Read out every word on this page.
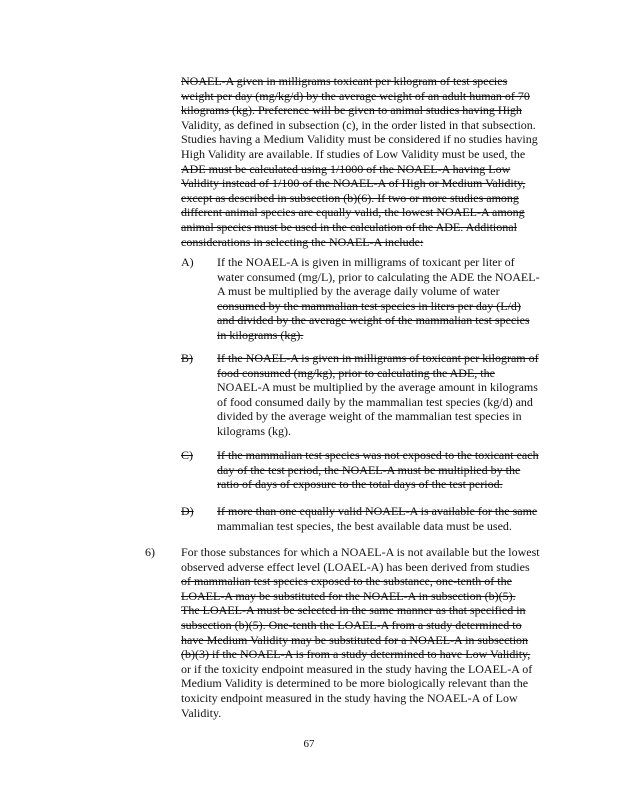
NOAEL-A given in milligrams toxicant per kilogram of test species
weight per day (mg/kg/d) by the average weight of an adult human of 70
kilograms (kg). Preference will be given to animal studies having High
Validity, as defined in subsection (c), in the order listed in that subsection.
Studies having a Medium Validity must be considered if no studies having
High Validity are available. If studies of Low Validity must be used, the
ADE must be calculated using 1/1000 of the NOAEL-A having Low
Validity instead of 1/100 of the NOAEL-A of High or Medium Validity,
except as described in subsection (b)(6). If two or more studies among
different animal species are equally valid, the lowest NOAEL-A among
animal species must be used in the calculation of the ADE. Additional
considerations in selecting the NOAEL-A include:
A) If the NOAEL-A is given in milligrams of toxicant per liter of
water consumed (mg/L), prior to calculating the ADE the NOAEL-
A must be multiplied by the average daily volume of water
consumed by the mammalian test species in liters per day (L/d)
and divided by the average weight of the mammalian test species
in kilograms (kg).
B) If the NOAEL-A is given in milligrams of toxicant per kilogram of
food consumed (mg/kg), prior to calculating the ADE, the
NOAEL-A must be multiplied by the average amount in kilograms
of food consumed daily by the mammalian test species (kg/d) and
divided by the average weight of the mammalian test species in
kilograms (kg).
C) If the mammalian test species was not exposed to the toxicant each
day of the test period, the NOAEL-A must be multiplied by the
ratio of days of exposure to the total days of the test period.
D) If more than one equally valid NOAEL-A is available for the same
mammalian test species, the best available data must be used.
6) For those substances for which a NOAEL-A is not available but the lowest
observed adverse effect level (LOAEL-A) has been derived from studies
of mammalian test species exposed to the substance, one-tenth of the
LOAEL-A may be substituted for the NOAEL-A in subsection (b)(5).
The LOAEL-A must be selected in the same manner as that specified in
subsection (b)(5). One-tenth the LOAEL-A from a study determined to
have Medium Validity may be substituted for a NOAEL-A in subsection
(b)(3) if the NOAEL-A is from a study determined to have Low Validity,
or if the toxicity endpoint measured in the study having the LOAEL-A of
Medium Validity is determined to be more biologically relevant than the
toxicity endpoint measured in the study having the NOAEL-A of Low
Validity.
67
